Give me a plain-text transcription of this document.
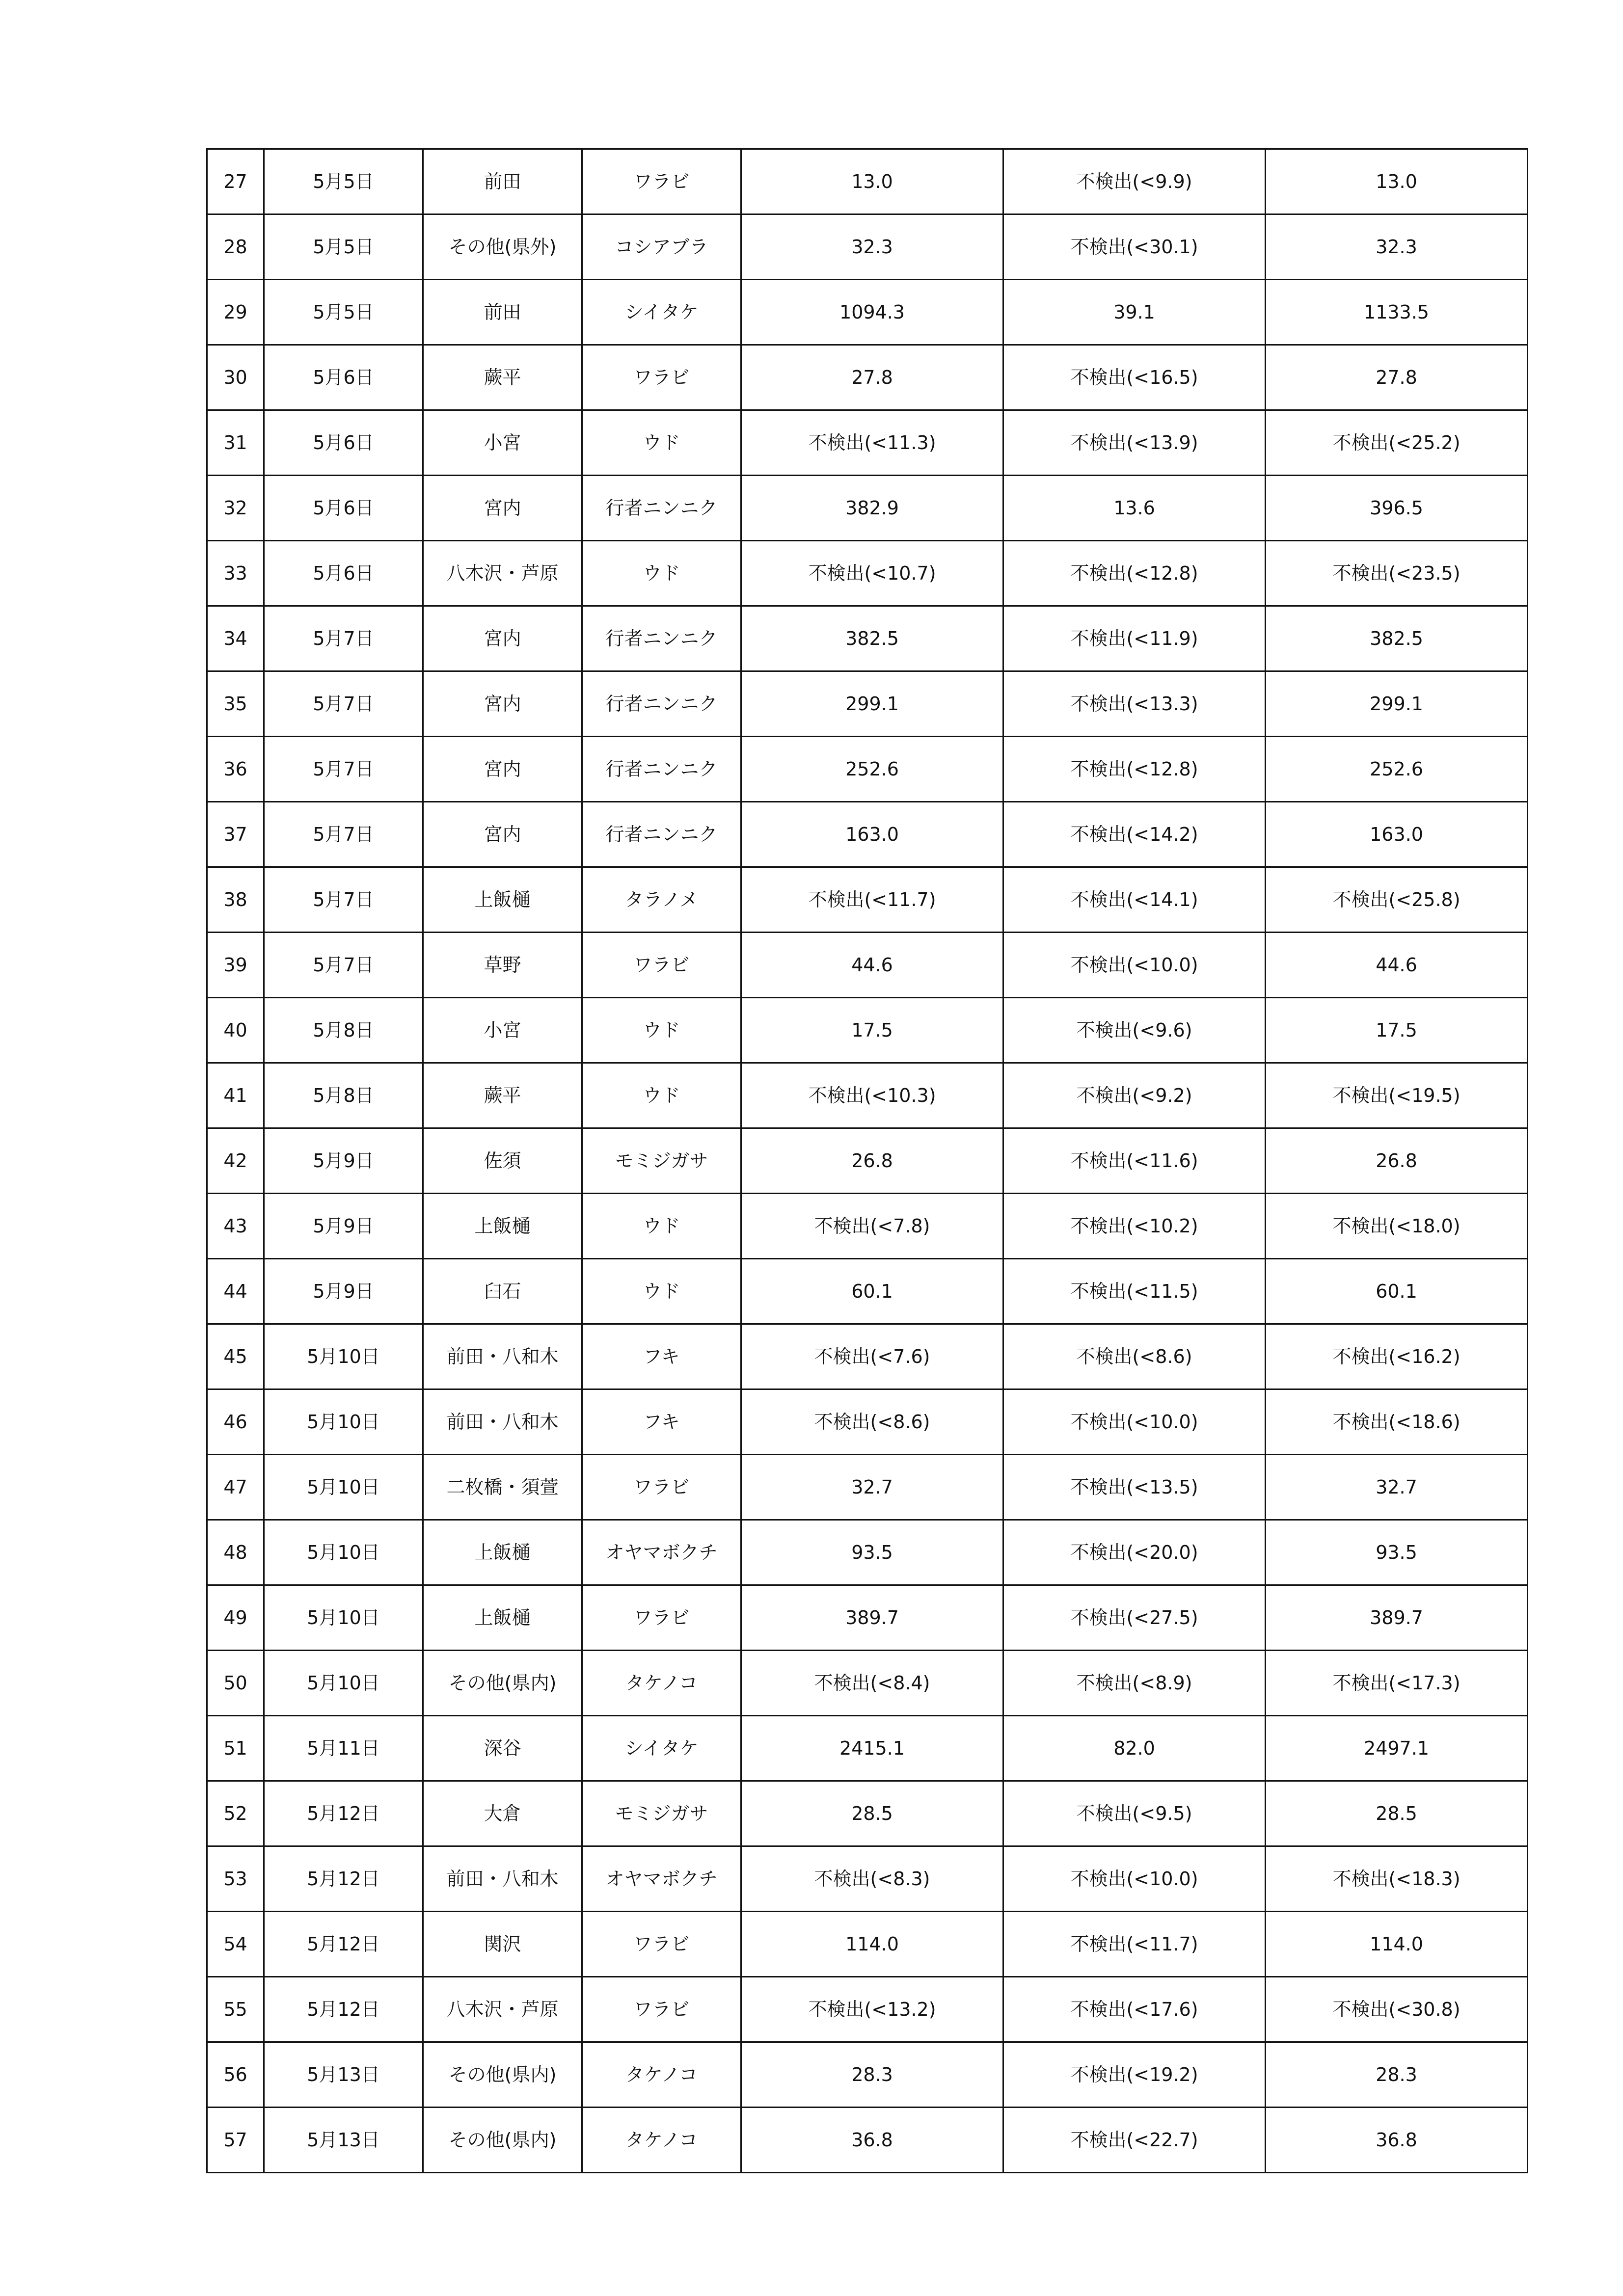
27	5月5日	前田	ワラビ	13.0	不検出(<9.9)	13.0
28	5月5日	その他(県外)	コシアブラ	32.3	不検出(<30.1)	32.3
29	5月5日	前田	シイタケ	1094.3	39.1	1133.5
30	5月6日	蕨平	ワラビ	27.8	不検出(<16.5)	27.8
31	5月6日	小宮	ウド	不検出(<11.3)	不検出(<13.9)	不検出(<25.2)
32	5月6日	宮内	行者ニンニク	382.9	13.6	396.5
33	5月6日	八木沢・芦原	ウド	不検出(<10.7)	不検出(<12.8)	不検出(<23.5)
34	5月7日	宮内	行者ニンニク	382.5	不検出(<11.9)	382.5
35	5月7日	宮内	行者ニンニク	299.1	不検出(<13.3)	299.1
36	5月7日	宮内	行者ニンニク	252.6	不検出(<12.8)	252.6
37	5月7日	宮内	行者ニンニク	163.0	不検出(<14.2)	163.0
38	5月7日	上飯樋	タラノメ	不検出(<11.7)	不検出(<14.1)	不検出(<25.8)
39	5月7日	草野	ワラビ	44.6	不検出(<10.0)	44.6
40	5月8日	小宮	ウド	17.5	不検出(<9.6)	17.5
41	5月8日	蕨平	ウド	不検出(<10.3)	不検出(<9.2)	不検出(<19.5)
42	5月9日	佐須	モミジガサ	26.8	不検出(<11.6)	26.8
43	5月9日	上飯樋	ウド	不検出(<7.8)	不検出(<10.2)	不検出(<18.0)
44	5月9日	臼石	ウド	60.1	不検出(<11.5)	60.1
45	5月10日	前田・八和木	フキ	不検出(<7.6)	不検出(<8.6)	不検出(<16.2)
46	5月10日	前田・八和木	フキ	不検出(<8.6)	不検出(<10.0)	不検出(<18.6)
47	5月10日	二枚橋・須萱	ワラビ	32.7	不検出(<13.5)	32.7
48	5月10日	上飯樋	オヤマボクチ	93.5	不検出(<20.0)	93.5
49	5月10日	上飯樋	ワラビ	389.7	不検出(<27.5)	389.7
50	5月10日	その他(県内)	タケノコ	不検出(<8.4)	不検出(<8.9)	不検出(<17.3)
51	5月11日	深谷	シイタケ	2415.1	82.0	2497.1
52	5月12日	大倉	モミジガサ	28.5	不検出(<9.5)	28.5
53	5月12日	前田・八和木	オヤマボクチ	不検出(<8.3)	不検出(<10.0)	不検出(<18.3)
54	5月12日	関沢	ワラビ	114.0	不検出(<11.7)	114.0
55	5月12日	八木沢・芦原	ワラビ	不検出(<13.2)	不検出(<17.6)	不検出(<30.8)
56	5月13日	その他(県内)	タケノコ	28.3	不検出(<19.2)	28.3
57	5月13日	その他(県内)	タケノコ	36.8	不検出(<22.7)	36.8
